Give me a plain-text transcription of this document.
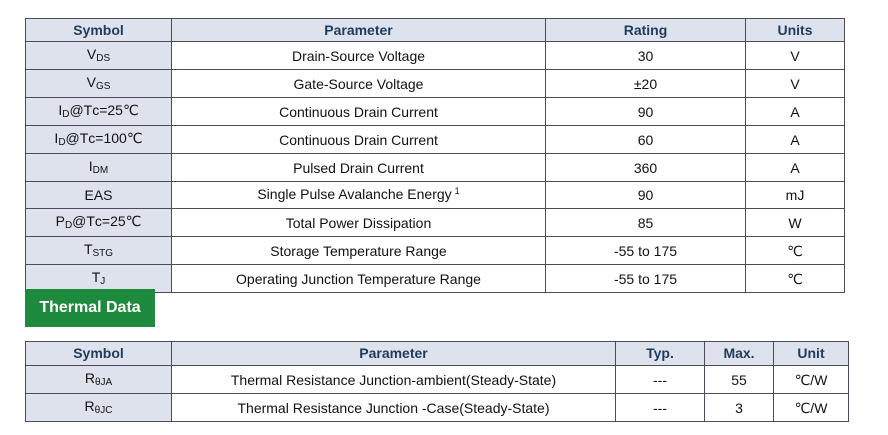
Symbol	Parameter	Rating	Units
VDS	Drain-Source Voltage	30	V
VGS	Gate-Source Voltage	±20	V
ID@Tᴄ=25℃	Continuous Drain Current	90	A
ID@Tᴄ=100℃	Continuous Drain Current	60	A
IDM	Pulsed Drain Current	360	A
EAS	Single Pulse Avalanche Energy $^1$	90	mJ
PD@Tᴄ=25℃	Total Power Dissipation	85	W
TSTG	Storage Temperature Range	-55 to 175	℃
TJ	Operating Junction Temperature Range	-55 to 175	℃
Thermal Data
Symbol	Parameter	Typ.	Max.	Unit
RθJA	Thermal Resistance Junction-ambient(Steady-State)	---	55	℃/W
RθJC	Thermal Resistance Junction -Case(Steady-State)	---	3	℃/W
